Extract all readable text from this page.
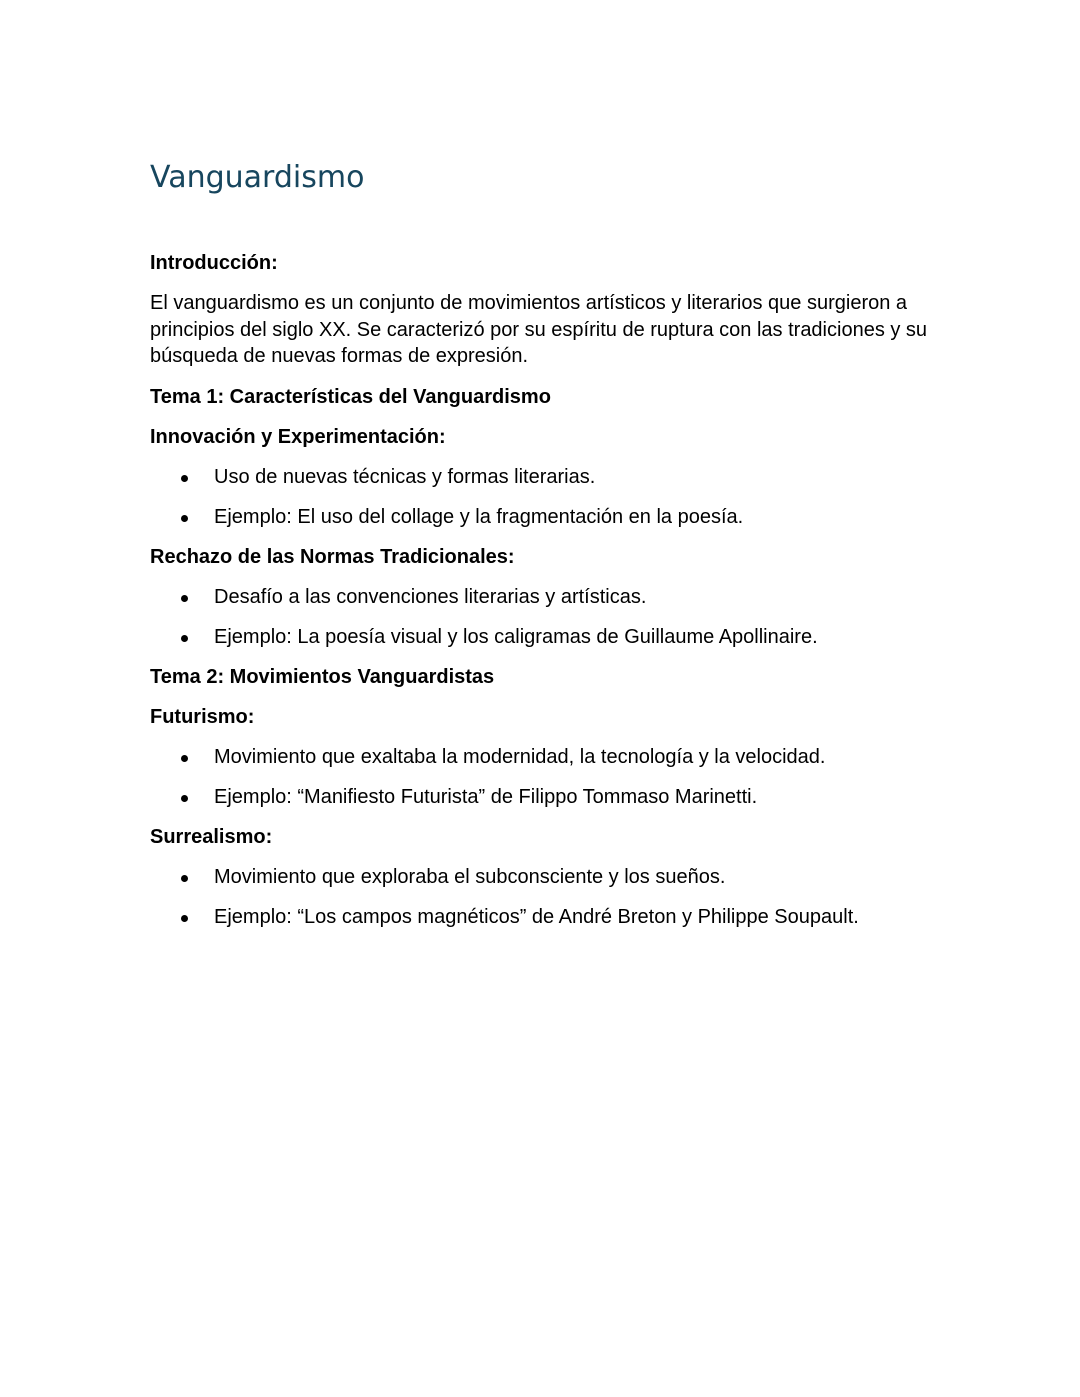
Vanguardismo
Introducción:

El vanguardismo es un conjunto de movimientos artísticos y literarios que surgieron a principios del siglo XX. Se caracterizó por su espíritu de ruptura con las tradiciones y su búsqueda de nuevas formas de expresión.

Tema 1: Características del Vanguardismo
Innovación y Experimentación:
Uso de nuevas técnicas y formas literarias.
Ejemplo: El uso del collage y la fragmentación en la poesía.
Rechazo de las Normas Tradicionales:
Desafío a las convenciones literarias y artísticas.
Ejemplo: La poesía visual y los caligramas de Guillaume Apollinaire.
Tema 2: Movimientos Vanguardistas
Futurismo:
Movimiento que exaltaba la modernidad, la tecnología y la velocidad.
Ejemplo: “Manifiesto Futurista” de Filippo Tommaso Marinetti.
Surrealismo:
Movimiento que exploraba el subconsciente y los sueños.
Ejemplo: “Los campos magnéticos” de André Breton y Philippe Soupault.
